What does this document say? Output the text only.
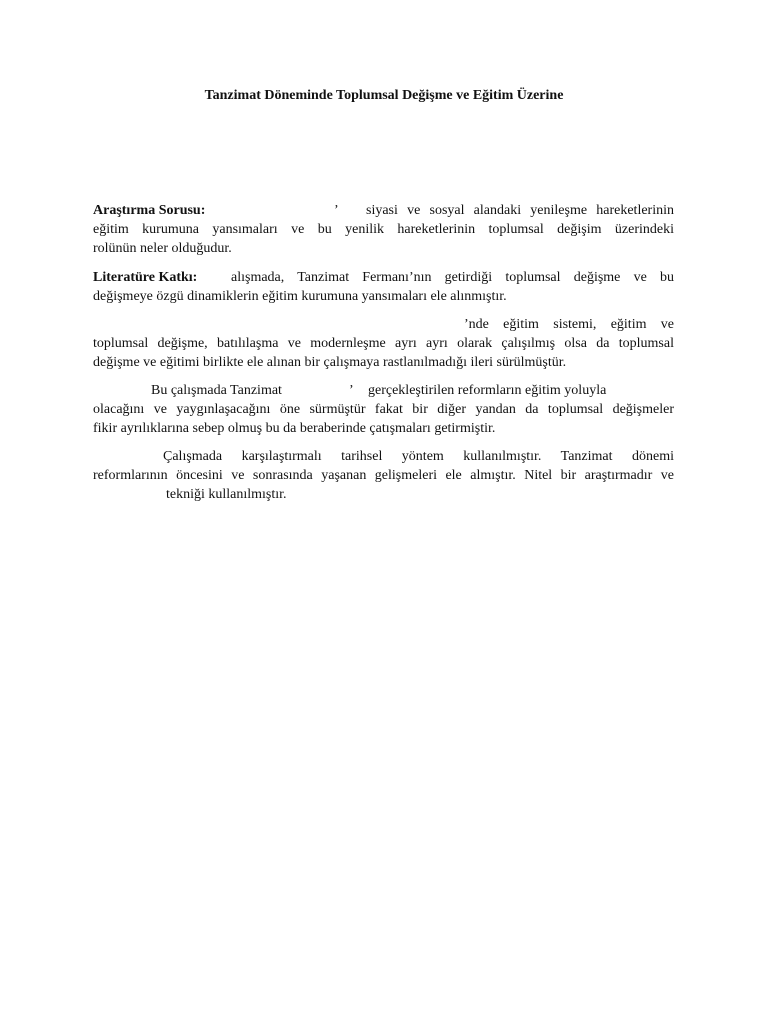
Tanzimat Döneminde Toplumsal Değişme ve Eğitim Üzerine
Araştırma Sorusu:	’ siyasi ve sosyal alandaki yenileşme hareketlerinin
eğitim kurumuna yansımaları ve bu yenilik hareketlerinin toplumsal değişim üzerindeki
rolünün neler olduğudur.
Literatüre Katkı: alışmada, Tanzimat Fermanı’nın getirdiği toplumsal değişme ve bu
değişmeye özgü dinamiklerin eğitim kurumuna yansımaları ele alınmıştır.
’nde eğitim sistemi, eğitim ve
toplumsal değişme, batılılaşma ve modernleşme ayrı ayrı olarak çalışılmış olsa da toplumsal
değişme ve eğitimi birlikte ele alınan bir çalışmaya rastlanılmadığı ileri sürülmüştür.
Bu çalışmada Tanzimat	’ gerçekleştirilen reformların eğitim yoluyla
olacağını ve yaygınlaşacağını öne sürmüştür fakat bir diğer yandan da toplumsal değişmeler
fikir ayrılıklarına sebep olmuş bu da beraberinde çatışmaları getirmiştir.
Çalışmada karşılaştırmalı tarihsel yöntem kullanılmıştır. Tanzimat dönemi
reformlarının öncesini ve sonrasında yaşanan gelişmeleri ele almıştır. Nitel bir araştırmadır ve
tekniği kullanılmıştır.
